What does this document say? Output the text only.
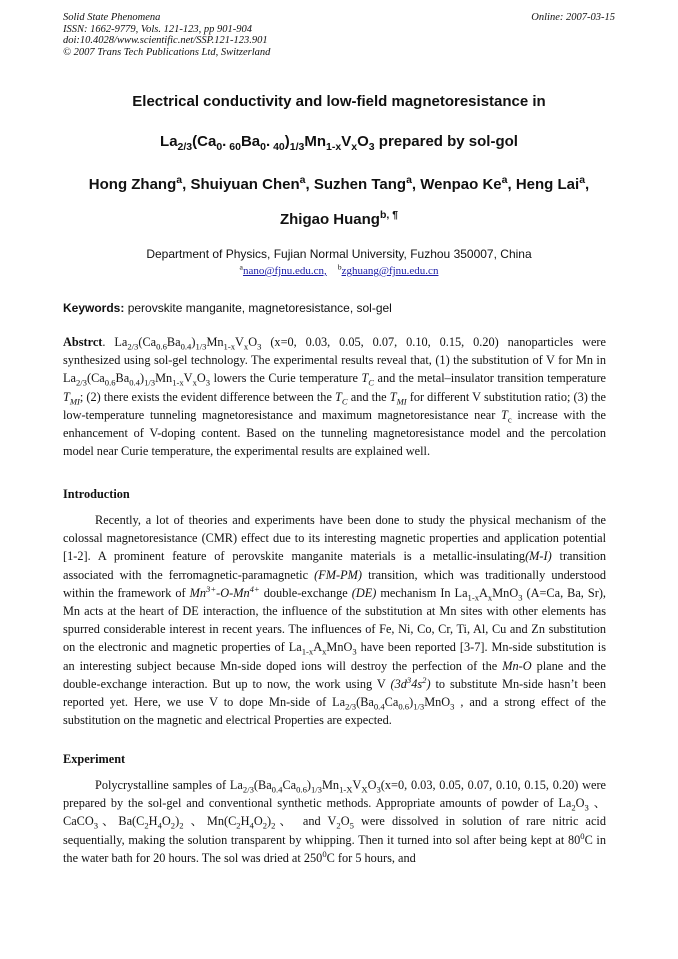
Solid State Phenomena
ISSN: 1662-9779, Vols. 121-123, pp 901-904
doi:10.4028/www.scientific.net/SSP.121-123.901
© 2007 Trans Tech Publications Ltd, Switzerland
Online: 2007-03-15
Electrical conductivity and low-field magnetoresistance in
$La_{2/3}(Ca_0$. $_{60}Ba_0$. $_{40})_{1/3}Mn_{1-x}V_xO_3$ prepared by sol-gol
Hong Zhang$^a$, Shuiyuan Chen$^a$, Suzhen Tang$^a$, Wenpao Ke$^a$, Heng Lai$^a$,
Zhigao Huang$^{b, \P}$
Department of Physics, Fujian Normal University, Fuzhou 350007, China
$^a$nano@fjnu.edu.cn, $^b$zghuang@fjnu.edu.cn
Keywords: perovskite manganite, magnetoresistance, sol-gel

Abstrct. $La_{2/3}(Ca_{0.6}Ba_{0.4})_{1/3}Mn_{1-x}V_xO_3$ (x=0, 0.03, 0.05, 0.07, 0.10, 0.15, 0.20) nanoparticles were synthesized using sol-gel technology. The experimental results reveal that, (1) the substitution of V for Mn in $La_{2/3}(Ca_{0.6}Ba_{0.4})_{1/3}Mn_{1-x}V_xO_3$ lowers the Curie temperature $T_C$ and the metal–insulator transition temperature $T_{MI}$; (2) there exists the evident difference between the $T_C$ and the $T_{MI}$ for different V substitution ratio; (3) the low-temperature tunneling magnetoresistance and maximum magnetoresistance near $T_c$ increase with the enhancement of V-doping content. Based on the tunneling magnetoresistance model and the percolation model near Curie temperature, the experimental results are explained well.

Introduction

Recently, a lot of theories and experiments have been done to study the physical mechanism of the colossal magnetoresistance (CMR) effect due to its interesting magnetic properties and application potential [1-2]. A prominent feature of perovskite manganite materials is a metallic-insulating(M-I) transition associated with the ferromagnetic-paramagnetic (FM-PM) transition, which was traditionally understood within the framework of $Mn^{3+}-O-Mn^{4+}$ double-exchange (DE) mechanism In $La_{1-x}A_xMnO_3$ (A=Ca, Ba, Sr), Mn acts at the heart of DE interaction, the influence of the substitution at Mn sites with other elements has spurred considerable interest in recent years. The influences of Fe, Ni, Co, Cr, Ti, Al, Cu and Zn substitution on the electronic and magnetic properties of $La_{1-x}A_xMnO_3$ have been reported [3-7]. Mn-side substitution is an interesting subject because Mn-side doped ions will destroy the perfection of the Mn-O plane and the double-exchange interaction. But up to now, the work using V $(3d^34s^2)$ to substitute Mn-side hasn’t been reported yet. Here, we use V to dope Mn-side of $La_{2/3}(Ba_{0.4}Ca_{0.6})_{1/3}MnO_3$ , and a strong effect of the substitution on the magnetic and electrical Properties are expected.

Experiment

Polycrystalline samples of $La_{2/3}(Ba_{0.4}Ca_{0.6})_{1/3}Mn_{1-X}V_XO_3(x=0$, 0.03, 0.05, 0.07, 0.10, 0.15, 0.20) were prepared by the sol-gel and conventional synthetic methods. Appropriate amounts of powder of $La_2O_3$ 、CaCO$_3$、$Ba(C_2H_4O_2)_2$ 、$Mn(C_2H_4O_2)_2$、 and $V_2O_5$ were dissolved in solution of rare nitric acid sequentially, making the solution transparent by whipping. Then it turned into sol after being kept at $80^0C$ in the water bath for 20 hours. The sol was dried at $250^0C$ for 5 hours, and
